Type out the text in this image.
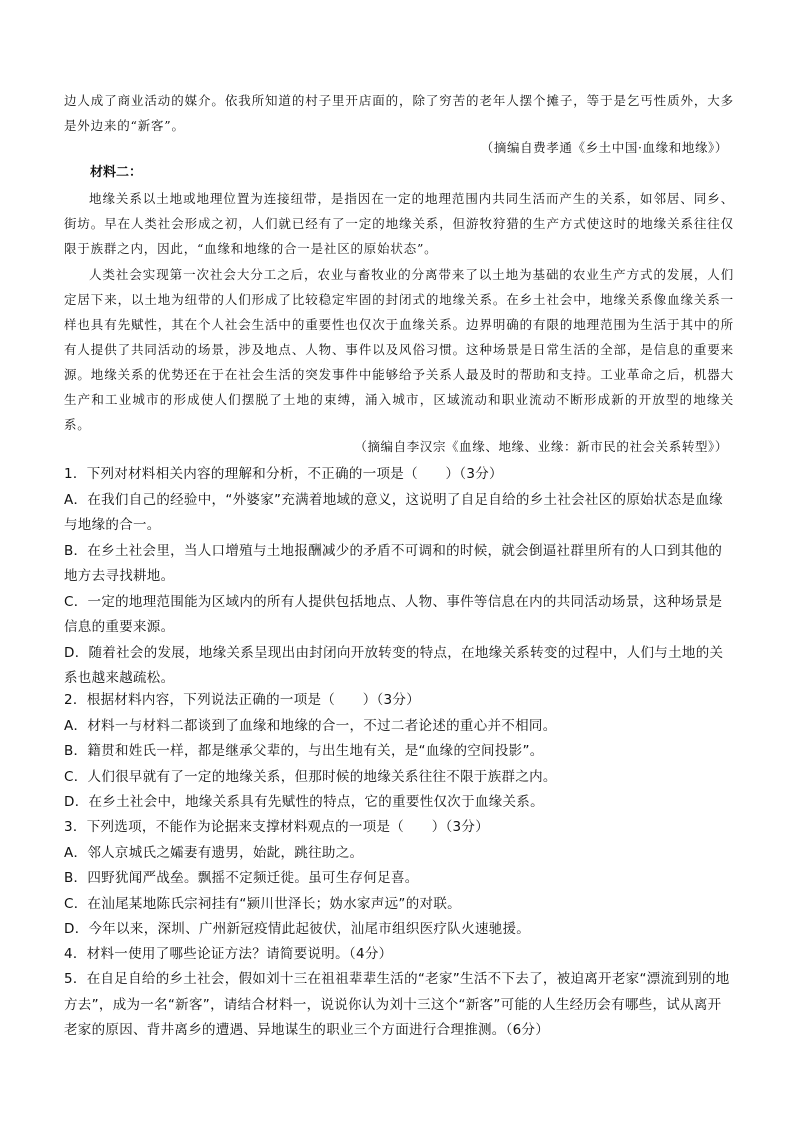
边人成了商业活动的媒介。依我所知道的村子里开店面的，除了穷苦的老年人摆个摊子，等于是乞丐性质外，大多是外边来的“新客”。

（摘编自费孝通《乡土中国·血缘和地缘》）
材料二：

地缘关系以土地或地理位置为连接纽带，是指因在一定的地理范围内共同生活而产生的关系，如邻居、同乡、街坊。早在人类社会形成之初，人们就已经有了一定的地缘关系，但游牧狩猎的生产方式使这时的地缘关系往往仅限于族群之内，因此，“血缘和地缘的合一是社区的原始状态”。

人类社会实现第一次社会大分工之后，农业与畜牧业的分离带来了以土地为基础的农业生产方式的发展，人们定居下来，以土地为纽带的人们形成了比较稳定牢固的封闭式的地缘关系。在乡土社会中，地缘关系像血缘关系一样也具有先赋性，其在个人社会生活中的重要性也仅次于血缘关系。边界明确的有限的地理范围为生活于其中的所有人提供了共同活动的场景，涉及地点、人物、事件以及风俗习惯。这种场景是日常生活的全部，是信息的重要来源。地缘关系的优势还在于在社会生活的突发事件中能够给予关系人最及时的帮助和支持。工业革命之后，机器大生产和工业城市的形成使人们摆脱了土地的束缚，涌入城市，区域流动和职业流动不断形成新的开放型的地缘关系。

（摘编自李汉宗《血缘、地缘、业缘：新市民的社会关系转型》）
1．下列对材料相关内容的理解和分析，不正确的一项是（　　）（3分）
A．在我们自己的经验中，“外婆家”充满着地域的意义，这说明了自足自给的乡土社会社区的原始状态是血缘与地缘的合一。
B．在乡土社会里，当人口增殖与土地报酬减少的矛盾不可调和的时候，就会倒逼社群里所有的人口到其他的地方去寻找耕地。
C．一定的地理范围能为区域内的所有人提供包括地点、人物、事件等信息在内的共同活动场景，这种场景是信息的重要来源。
D．随着社会的发展，地缘关系呈现出由封闭向开放转变的特点，在地缘关系转变的过程中，人们与土地的关系也越来越疏松。
2．根据材料内容，下列说法正确的一项是（　　）（3分）
A．材料一与材料二都谈到了血缘和地缘的合一，不过二者论述的重心并不相同。
B．籍贯和姓氏一样，都是继承父辈的，与出生地有关，是“血缘的空间投影”。
C．人们很早就有了一定的地缘关系，但那时候的地缘关系往往不限于族群之内。
D．在乡土社会中，地缘关系具有先赋性的特点，它的重要性仅次于血缘关系。
3．下列选项，不能作为论据来支撑材料观点的一项是（　　）（3分）
A．邻人京城氏之孀妻有遗男，始龀，跳往助之。
B．四野犹闻严战垒。飘摇不定频迁徙。虽可生存何足喜。
C．在汕尾某地陈氏宗祠挂有“颍川世泽长；妫水家声远”的对联。
D．今年以来，深圳、广州新冠疫情此起彼伏，汕尾市组织医疗队火速驰援。
4．材料一使用了哪些论证方法？请简要说明。（4分）
5．在自足自给的乡土社会，假如刘十三在祖祖辈辈生活的“老家”生活不下去了，被迫离开老家“漂流到别的地方去”，成为一名“新客”，请结合材料一，说说你认为刘十三这个“新客”可能的人生经历会有哪些，试从离开老家的原因、背井离乡的遭遇、异地谋生的职业三个方面进行合理推测。（6分）
